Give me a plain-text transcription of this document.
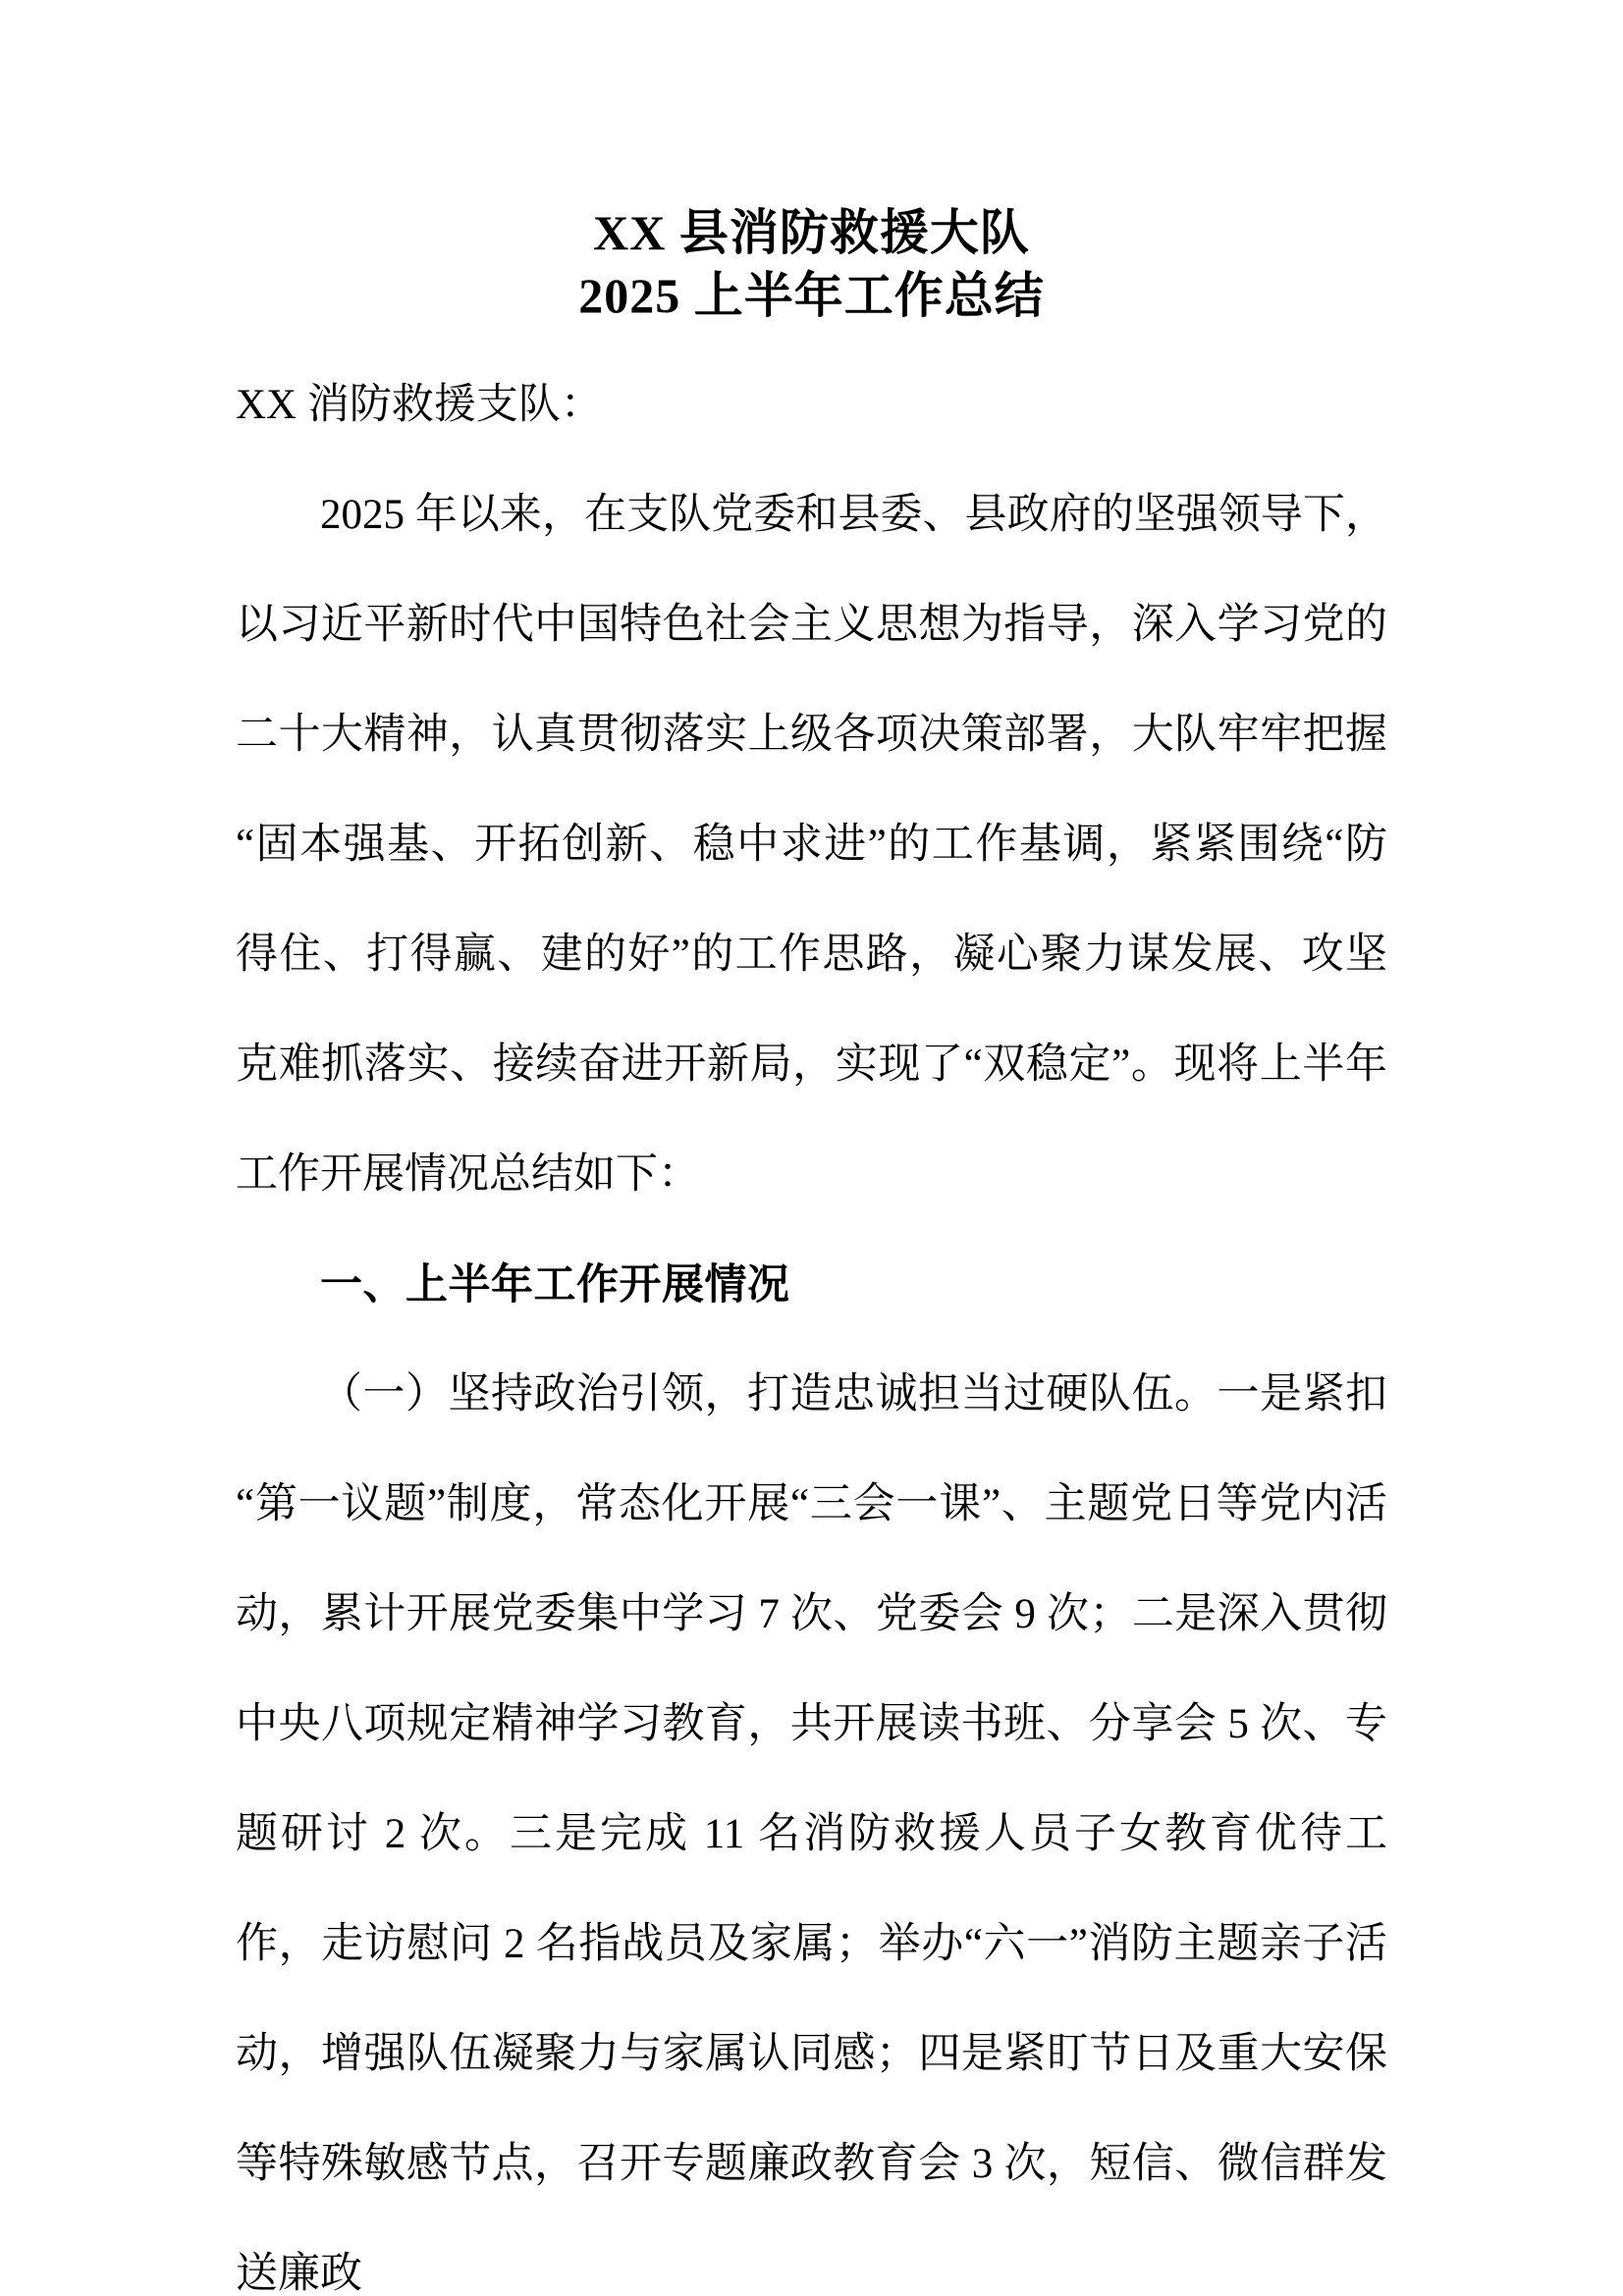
XX 县消防救援大队
2025 上半年工作总结

XX 消防救援支队：

2025 年以来，在支队党委和县委、县政府的坚强领导下，以习近平新时代中国特色社会主义思想为指导，深入学习党的二十大精神，认真贯彻落实上级各项决策部署，大队牢牢把握“固本强基、开拓创新、稳中求进”的工作基调，紧紧围绕“防得住、打得赢、建的好”的工作思路，凝心聚力谋发展、攻坚克难抓落实、接续奋进开新局，实现了“双稳定”。现将上半年工作开展情况总结如下：

一、上半年工作开展情况

（一）坚持政治引领，打造忠诚担当过硬队伍。一是紧扣“第一议题”制度，常态化开展“三会一课”、主题党日等党内活动，累计开展党委集中学习 7 次、党委会 9 次；二是深入贯彻中央八项规定精神学习教育，共开展读书班、分享会 5 次、专题研讨 2 次。三是完成 11 名消防救援人员子女教育优待工作，走访慰问 2 名指战员及家属；举办“六一”消防主题亲子活动，增强队伍凝聚力与家属认同感；四是紧盯节日及重大安保等特殊敏感节点，召开专题廉政教育会 3 次，短信、微信群发送廉政
